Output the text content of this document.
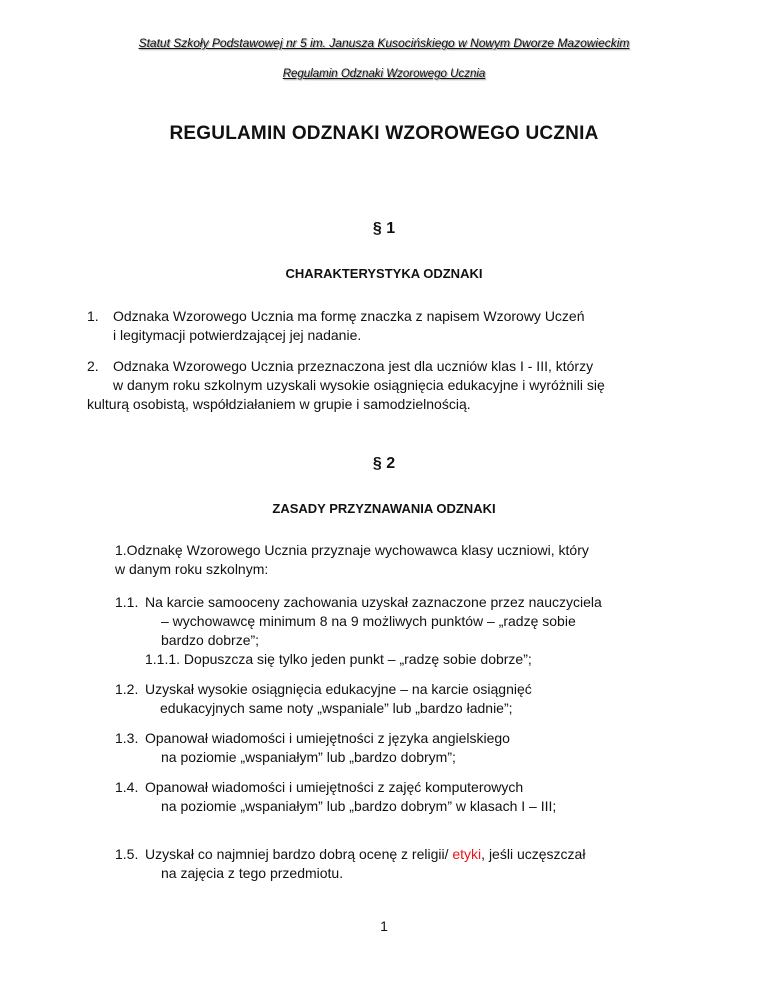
Statut Szkoły Podstawowej nr 5 im. Janusza Kusocińskiego w Nowym Dworze Mazowieckim
Regulamin Odznaki Wzorowego Ucznia
REGULAMIN ODZNAKI WZOROWEGO UCZNIA
§ 1
CHARAKTERYSTYKA ODZNAKI
1. Odznaka Wzorowego Ucznia ma formę znaczka z napisem Wzorowy Uczeń
i legitymacji potwierdzającej jej nadanie.
2. Odznaka Wzorowego Ucznia przeznaczona jest dla uczniów klas I - III, którzy
w danym roku szkolnym uzyskali wysokie osiągnięcia edukacyjne i wyróżnili się
kulturą osobistą, współdziałaniem w grupie i samodzielnością.
§ 2
ZASADY PRZYZNAWANIA ODZNAKI
1.Odznakę Wzorowego Ucznia przyznaje wychowawca klasy uczniowi, który
w danym roku szkolnym:
1.1. Na karcie samooceny zachowania uzyskał zaznaczone przez nauczyciela
– wychowawcę minimum 8 na 9 możliwych punktów – „radzę sobie
bardzo dobrze”;
1.1.1. Dopuszcza się tylko jeden punkt – „radzę sobie dobrze”;
1.2. Uzyskał wysokie osiągnięcia edukacyjne – na karcie osiągnięć
edukacyjnych same noty „wspaniale” lub „bardzo ładnie”;
1.3. Opanował wiadomości i umiejętności z języka angielskiego
na poziomie „wspaniałym” lub „bardzo dobrym”;
1.4. Opanował wiadomości i umiejętności z zajęć komputerowych
na poziomie „wspaniałym” lub „bardzo dobrym” w klasach I – III;
1.5. Uzyskał co najmniej bardzo dobrą ocenę z religii/ etyki, jeśli uczęszczał
na zajęcia z tego przedmiotu.
1
